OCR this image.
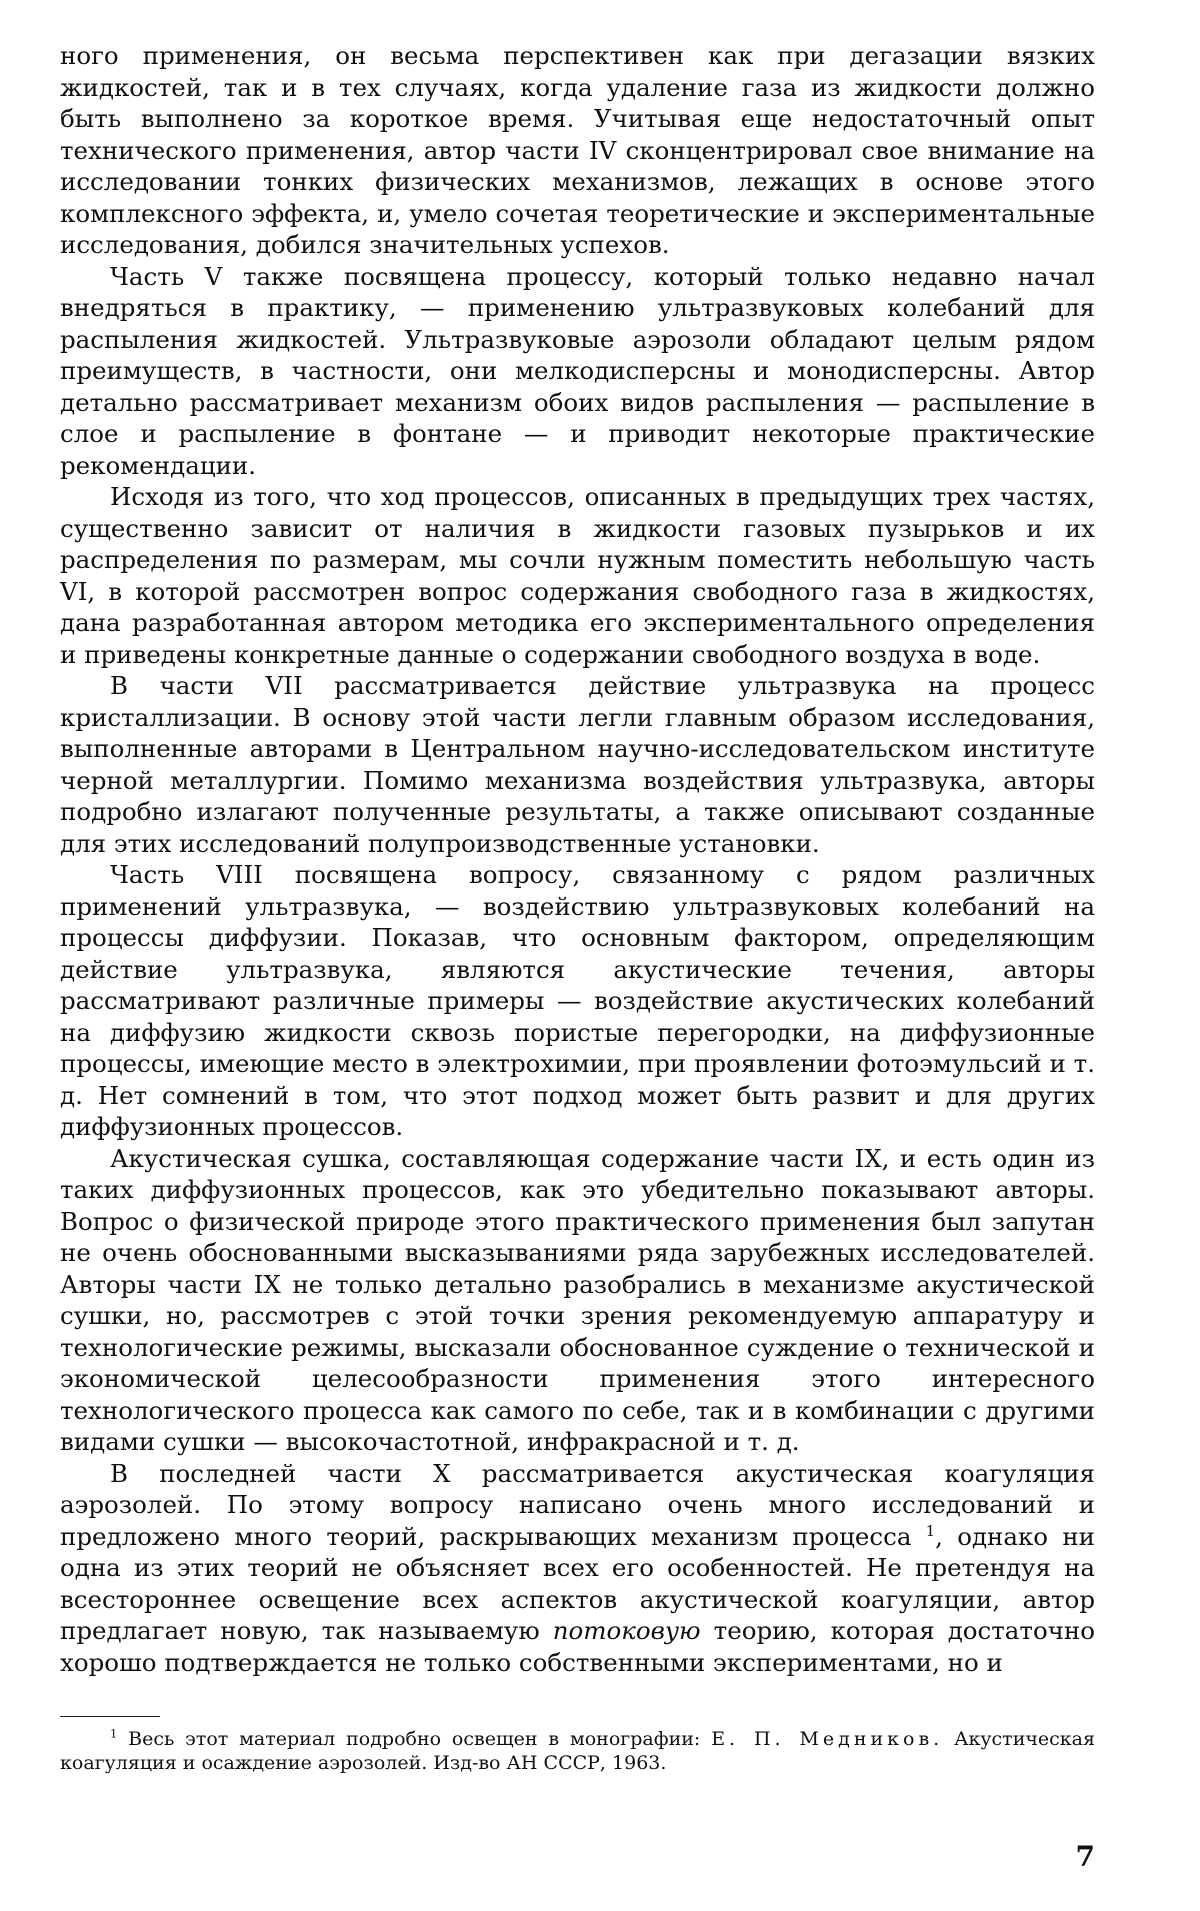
ного применения, он весьма перспективен как при дегазации вязких жидкостей, так и в тех случаях, когда удаление газа из жидкости должно быть выполнено за короткое время. Учитывая еще недостаточный опыт технического применения, автор части IV сконцентрировал свое внимание на исследовании тонких физических механизмов, лежащих в основе этого комплексного эффекта, и, умело сочетая теоретические и экспериментальные исследования, добился значительных успехов.

Часть V также посвящена процессу, который только недавно начал внедряться в практику, — применению ультразвуковых колебаний для распыления жидкостей. Ультразвуковые аэрозоли обладают целым рядом преимуществ, в частности, они мелкодисперсны и монодисперсны. Автор детально рассматривает механизм обоих видов распыления — распыление в слое и распыление в фонтане — и приводит некоторые практические рекомендации.

Исходя из того, что ход процессов, описанных в предыдущих трех частях, существенно зависит от наличия в жидкости газовых пузырьков и их распределения по размерам, мы сочли нужным поместить небольшую часть VI, в которой рассмотрен вопрос содержания свободного газа в жидкостях, дана разработанная автором методика его экспериментального определения и приведены конкретные данные о содержании свободного воздуха в воде.

В части VII рассматривается действие ультразвука на процесс кристаллизации. В основу этой части легли главным образом исследования, выполненные авторами в Центральном научно-исследовательском институте черной металлургии. Помимо механизма воздействия ультразвука, авторы подробно излагают полученные результаты, а также описывают созданные для этих исследований полупроизводственные установки.

Часть VIII посвящена вопросу, связанному с рядом различных применений ультразвука, — воздействию ультразвуковых колебаний на процессы диффузии. Показав, что основным фактором, определяющим действие ультразвука, являются акустические течения, авторы рассматривают различные примеры — воздействие акустических колебаний на диффузию жидкости сквозь пористые перегородки, на диффузионные процессы, имеющие место в электрохимии, при проявлении фотоэмульсий и т. д. Нет сомнений в том, что этот подход может быть развит и для других диффузионных процессов.

Акустическая сушка, составляющая содержание части IX, и есть один из таких диффузионных процессов, как это убедительно показывают авторы. Вопрос о физической природе этого практического применения был запутан не очень обоснованными высказываниями ряда зарубежных исследователей. Авторы части IX не только детально разобрались в механизме акустической сушки, но, рассмотрев с этой точки зрения рекомендуемую аппаратуру и технологические режимы, высказали обоснованное суждение о технической и экономической целесообразности применения этого интересного технологического процесса как самого по себе, так и в комбинации с другими видами сушки — высокочастотной, инфракрасной и т. д.

В последней части X рассматривается акустическая коагуляция аэрозолей. По этому вопросу написано очень много исследований и предложено много теорий, раскрывающих механизм процесса $^1$, однако ни одна из этих теорий не объясняет всех его особенностей. Не претендуя на всестороннее освещение всех аспектов акустической коагуляции, автор предлагает новую, так называемую потоковую теорию, которая достаточно хорошо подтверждается не только собственными экспериментами, но и

$^1$ Весь этот материал подробно освещен в монографии: Е. П. Медников. Акустическая коагуляция и осаждение аэрозолей. Изд-во АН СССР, 1963.

7
